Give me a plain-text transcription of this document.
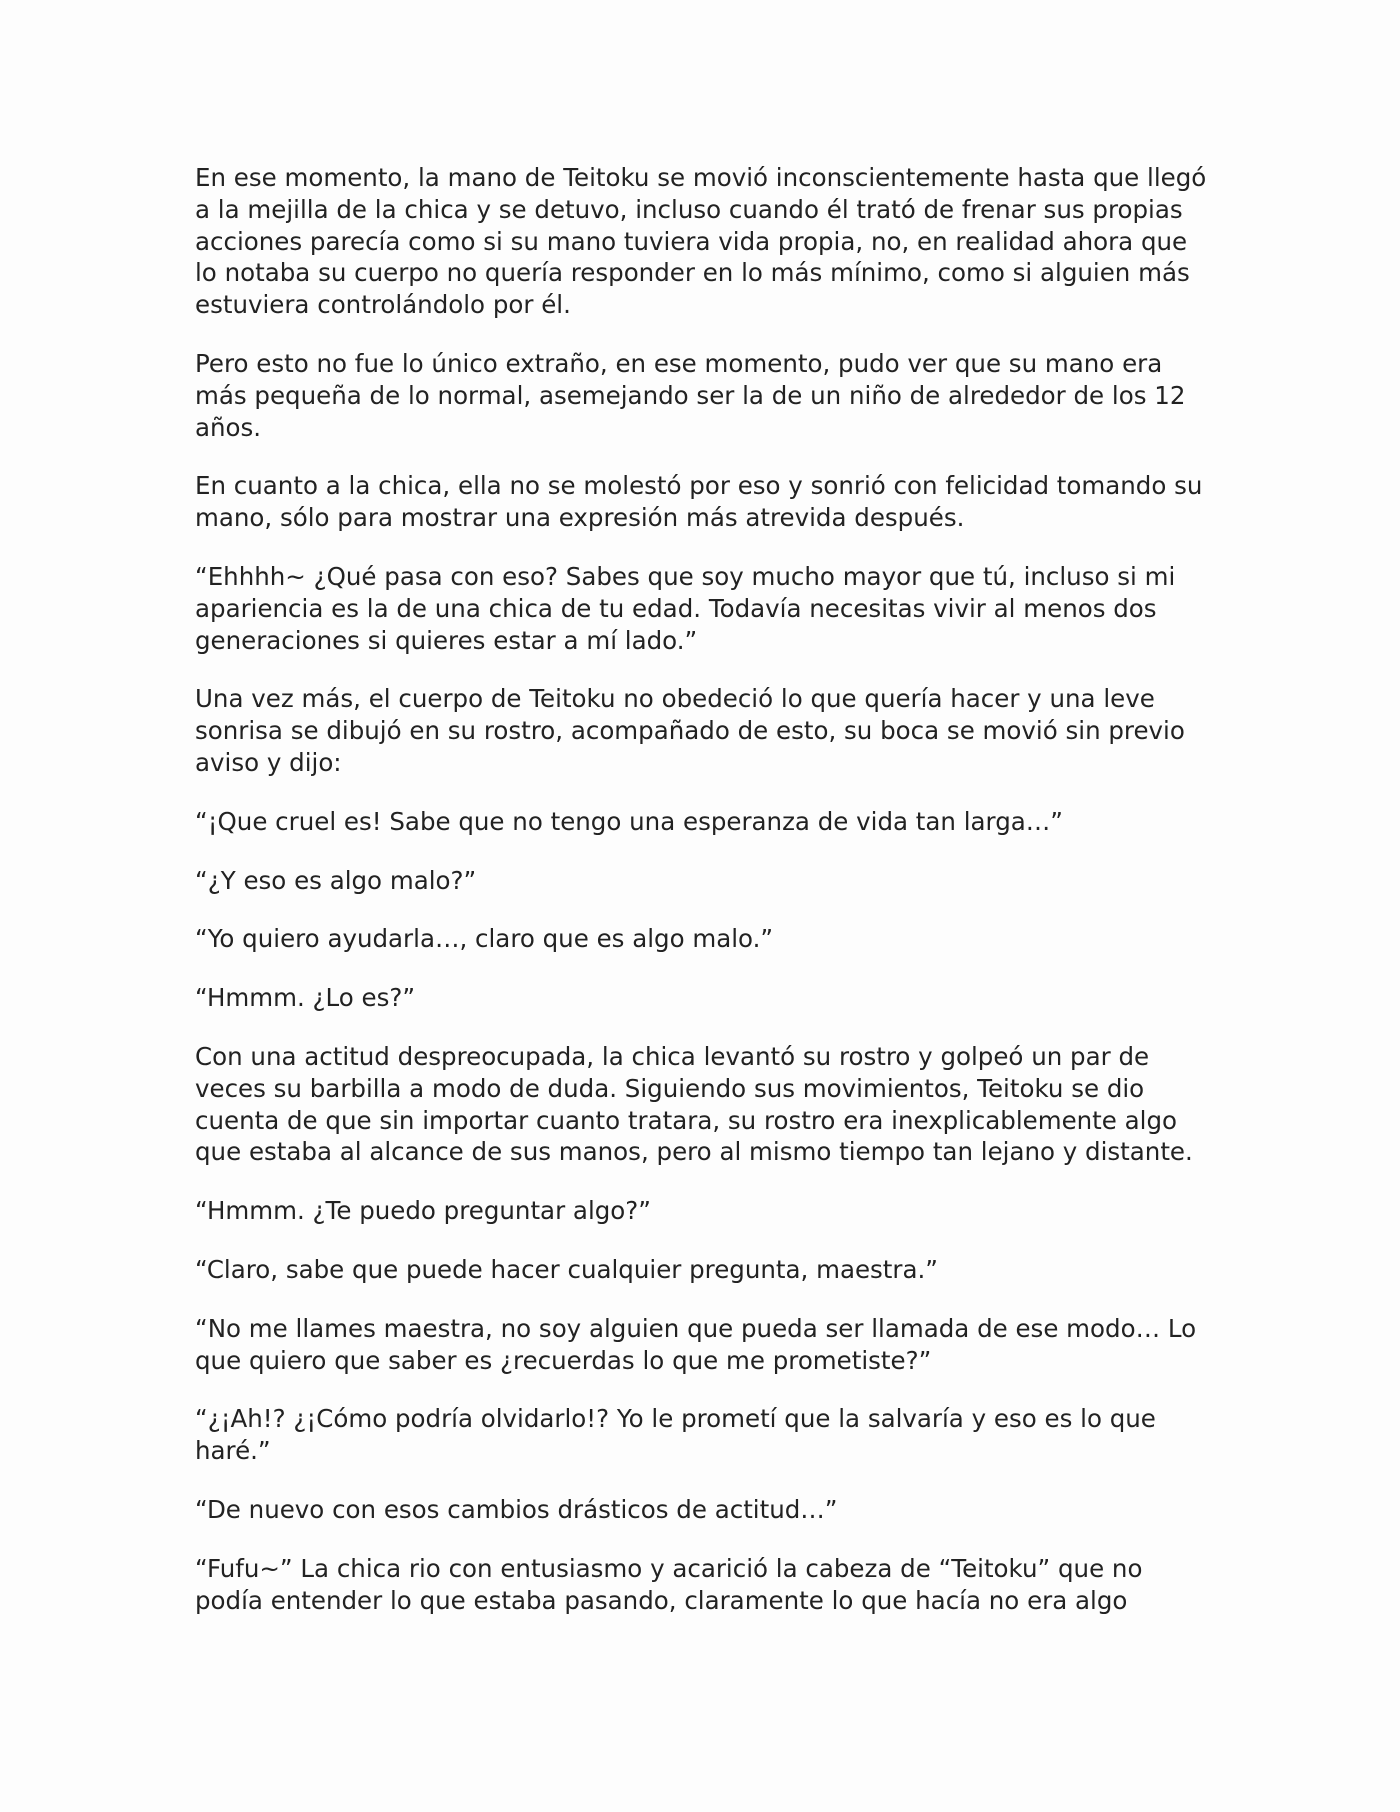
En ese momento, la mano de Teitoku se movió inconscientemente hasta que llegó a la mejilla de la chica y se detuvo, incluso cuando él trató de frenar sus propias acciones parecía como si su mano tuviera vida propia, no, en realidad ahora que lo notaba su cuerpo no quería responder en lo más mínimo, como si alguien más estuviera controlándolo por él.

Pero esto no fue lo único extraño, en ese momento, pudo ver que su mano era más pequeña de lo normal, asemejando ser la de un niño de alrededor de los 12 años.

En cuanto a la chica, ella no se molestó por eso y sonrió con felicidad tomando su mano, sólo para mostrar una expresión más atrevida después.

“Ehhhh~ ¿Qué pasa con eso? Sabes que soy mucho mayor que tú, incluso si mi apariencia es la de una chica de tu edad. Todavía necesitas vivir al menos dos generaciones si quieres estar a mí lado.”

Una vez más, el cuerpo de Teitoku no obedeció lo que quería hacer y una leve sonrisa se dibujó en su rostro, acompañado de esto, su boca se movió sin previo aviso y dijo:

“¡Que cruel es! Sabe que no tengo una esperanza de vida tan larga…”

“¿Y eso es algo malo?”

“Yo quiero ayudarla…, claro que es algo malo.”

“Hmmm. ¿Lo es?”

Con una actitud despreocupada, la chica levantó su rostro y golpeó un par de veces su barbilla a modo de duda. Siguiendo sus movimientos, Teitoku se dio cuenta de que sin importar cuanto tratara, su rostro era inexplicablemente algo que estaba al alcance de sus manos, pero al mismo tiempo tan lejano y distante.

“Hmmm. ¿Te puedo preguntar algo?”

“Claro, sabe que puede hacer cualquier pregunta, maestra.”

“No me llames maestra, no soy alguien que pueda ser llamada de ese modo… Lo que quiero que saber es ¿recuerdas lo que me prometiste?”

“¿¡Ah!? ¿¡Cómo podría olvidarlo!? Yo le prometí que la salvaría y eso es lo que haré.”

“De nuevo con esos cambios drásticos de actitud…”

“Fufu~” La chica rio con entusiasmo y acarició la cabeza de “Teitoku” que no podía entender lo que estaba pasando, claramente lo que hacía no era algo
